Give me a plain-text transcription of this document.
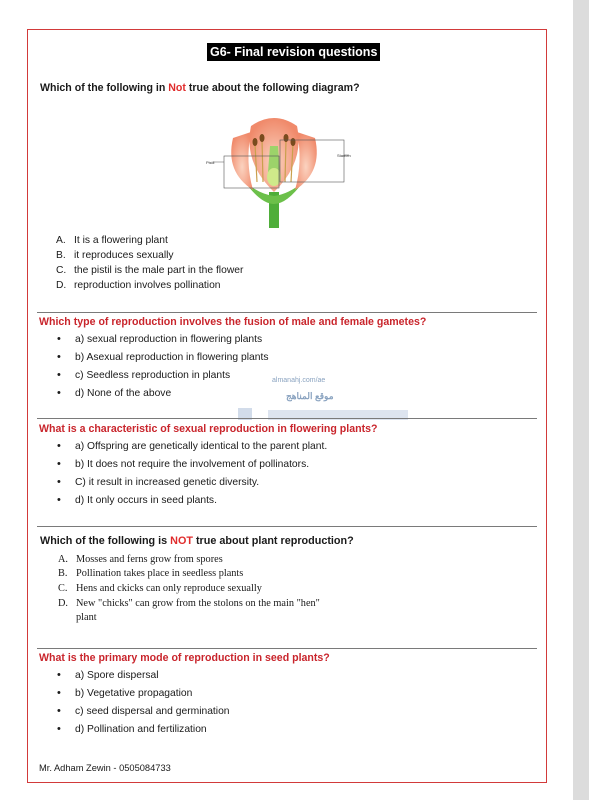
G6- Final revision questions
Which of the following in Not true about the following diagram?
Pistil
Stamen
A. It is a flowering plant
B. it reproduces sexually
C. the pistil is the male part in the flower
D. reproduction involves pollination
Which type of reproduction involves the fusion of male and female gametes?
• a) sexual reproduction in flowering plants
• b) Asexual reproduction in flowering plants
• c) Seedless reproduction in plants
• d) None of the above
almanahj.com/ae
موقع المناهج
What is a characteristic of sexual reproduction in flowering plants?
• a) Offspring are genetically identical to the parent plant.
• b) It does not require the involvement of pollinators.
• C) it result in increased genetic diversity.
• d) It only occurs in seed plants.
Which of the following is NOT true about plant reproduction?
A. Mosses and ferns grow from spores
B. Pollination takes place in seedless plants
C. Hens and ckicks can only reproduce sexually
D. New "chicks" can grow from the stolons on the main "hen"
plant
What is the primary mode of reproduction in seed plants?
• a) Spore dispersal
• b) Vegetative propagation
• c) seed dispersal and germination
• d) Pollination and fertilization
Mr. Adham Zewin - 0505084733
